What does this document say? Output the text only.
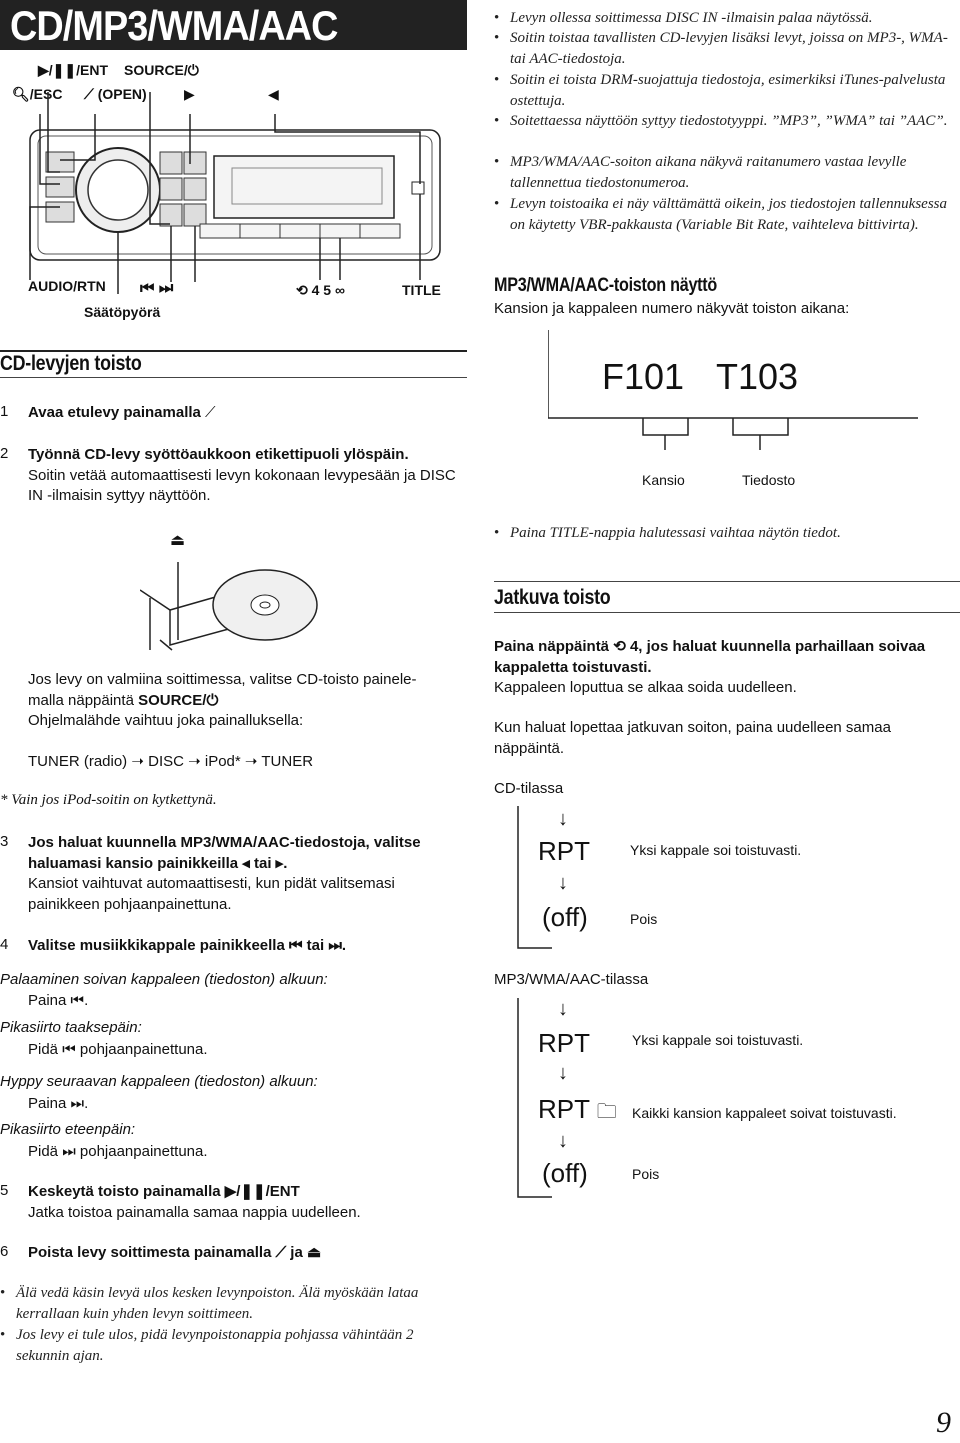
CD/MP3/WMA/AAC
▶/❚❚/ENT SOURCE/⏻
🔍︎/ESC ⟋ (OPEN)	▶	◀
AUDIO/RTN ⏮ ⏭
Säätöpyörä
⟲ 4 5 ∞	TITLE
• Levyn ollessa soittimessa DISC IN -ilmaisin palaa näytössä.
• Soitin toistaa tavallisten CD-levyjen lisäksi levyt, joissa on MP3-, WMA- tai AAC-tiedostoja.
• Soitin ei toista DRM-suojattuja tiedostoja, esimerkiksi iTunes-palvelusta ostettuja.
• Soitettaessa näyttöön syttyy tiedostotyyppi. ”MP3”, ”WMA” tai ”AAC”.
• MP3/WMA/AAC-soiton aikana näkyvä raitanumero vastaa levylle tallennettua tiedostonumeroa.
• Levyn toistoaika ei näy välttämättä oikein, jos tiedostojen tallennuksessa on käytetty VBR-pakkausta (Variable Bit Rate, vaihteleva bittivirta).
MP3/WMA/AAC-toiston näyttö
Kansion ja kappaleen numero näkyvät toiston aikana:
F101 T103
Kansio	Tiedosto
• Paina TITLE-nappia halutessasi vaihtaa näytön tiedot.
CD-levyjen toisto
1 Avaa etulevy painamalla ⟋
2 Työnnä CD-levy syöttöaukkoon etikettipuoli ylöspäin.
Soitin vetää automaattisesti levyn kokonaan levypesään ja DISC IN -ilmaisin syttyy näyttöön.
⏏
Jos levy on valmiina soittimessa, valitse CD-toisto painele-
malla näppäintä SOURCE/⏻
Ohjelmalähde vaihtuu joka painalluksella:
TUNER (radio) ➝ DISC ➝ iPod* ➝ TUNER
* Vain jos iPod-soitin on kytkettynä.
3 Jos haluat kuunnella MP3/WMA/AAC-tiedostoja, valitse haluamasi kansio painikkeilla ◂ tai ▸.
Kansiot vaihtuvat automaattisesti, kun pidät valitsemasi painikkeen pohjaanpainettuna.
4 Valitse musiikkikappale painikkeella ⏮ tai ⏭.
Palaaminen soivan kappaleen (tiedoston) alkuun:
Paina ⏮.
Pikasiirto taaksepäin:
Pidä ⏮ pohjaanpainettuna.
Hyppy seuraavan kappaleen (tiedoston) alkuun:
Paina ⏭.
Pikasiirto eteenpäin:
Pidä ⏭ pohjaanpainettuna.
5 Keskeytä toisto painamalla ▶/❚❚/ENT
Jatka toistoa painamalla samaa nappia uudelleen.
6 Poista levy soittimesta painamalla ⟋ ja ⏏
• Älä vedä käsin levyä ulos kesken levynpoiston. Älä myöskään lataa kerrallaan kuin yhden levyn soittimeen.
• Jos levy ei tule ulos, pidä levynpoistonappia pohjassa vähintään 2 sekunnin ajan.
Jatkuva toisto
Paina näppäintä ⟲ 4, jos haluat kuunnella parhaillaan soivaa kappaletta toistuvasti.
Kappaleen loputtua se alkaa soida uudelleen.
Kun haluat lopettaa jatkuvan soiton, paina uudelleen samaa näppäintä.
CD-tilassa
↓
RPT	Yksi kappale soi toistuvasti.
↓
(off)	Pois
MP3/WMA/AAC-tilassa
↓
RPT	Yksi kappale soi toistuvasti.
↓
RPT 🗀 Kaikki kansion kappaleet soivat toistuvasti.
↓
(off)	Pois
9
